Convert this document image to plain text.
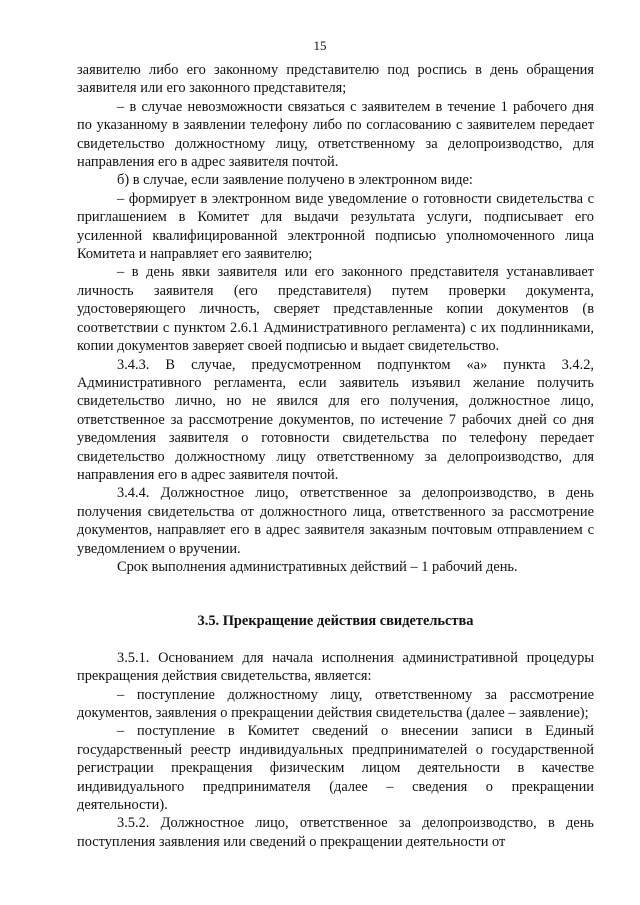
15

заявителю либо его законному представителю под роспись в день обращения заявителя или его законного представителя;

– в случае невозможности связаться с заявителем в течение 1 рабочего дня по указанному в заявлении телефону либо по согласованию с заявителем передает свидетельство должностному лицу, ответственному за делопроизводство, для направления его в адрес заявителя почтой.

б) в случае, если заявление получено в электронном виде:

– формирует в электронном виде уведомление о готовности свидетельства с приглашением в Комитет для выдачи результата услуги, подписывает его усиленной квалифицированной электронной подписью уполномоченного лица Комитета и направляет его заявителю;

– в день явки заявителя или его законного представителя устанавливает личность заявителя (его представителя) путем проверки документа, удостоверяющего личность, сверяет представленные копии документов (в соответствии с пунктом 2.6.1 Административного регламента) с их подлинниками, копии документов заверяет своей подписью и выдает свидетельство.

3.4.3. В случае, предусмотренном подпунктом «а» пункта 3.4.2, Административного регламента, если заявитель изъявил желание получить свидетельство лично, но не явился для его получения, должностное лицо, ответственное за рассмотрение документов, по истечение 7 рабочих дней со дня уведомления заявителя о готовности свидетельства по телефону передает свидетельство должностному лицу ответственному за делопроизводство, для направления его в адрес заявителя почтой.

3.4.4. Должностное лицо, ответственное за делопроизводство, в день получения свидетельства от должностного лица, ответственного за рассмотрение документов, направляет его в адрес заявителя заказным почтовым отправлением с уведомлением о вручении.

Срок выполнения административных действий – 1 рабочий день.

3.5. Прекращение действия свидетельства

3.5.1. Основанием для начала исполнения административной процедуры прекращения действия свидетельства, является:

– поступление должностному лицу, ответственному за рассмотрение документов, заявления о прекращении действия свидетельства (далее – заявление);

– поступление в Комитет сведений о внесении записи в Единый государственный реестр индивидуальных предпринимателей о государственной регистрации прекращения физическим лицом деятельности в качестве индивидуального предпринимателя (далее – сведения о прекращении деятельности).

3.5.2. Должностное лицо, ответственное за делопроизводство, в день поступления заявления или сведений о прекращении деятельности от
